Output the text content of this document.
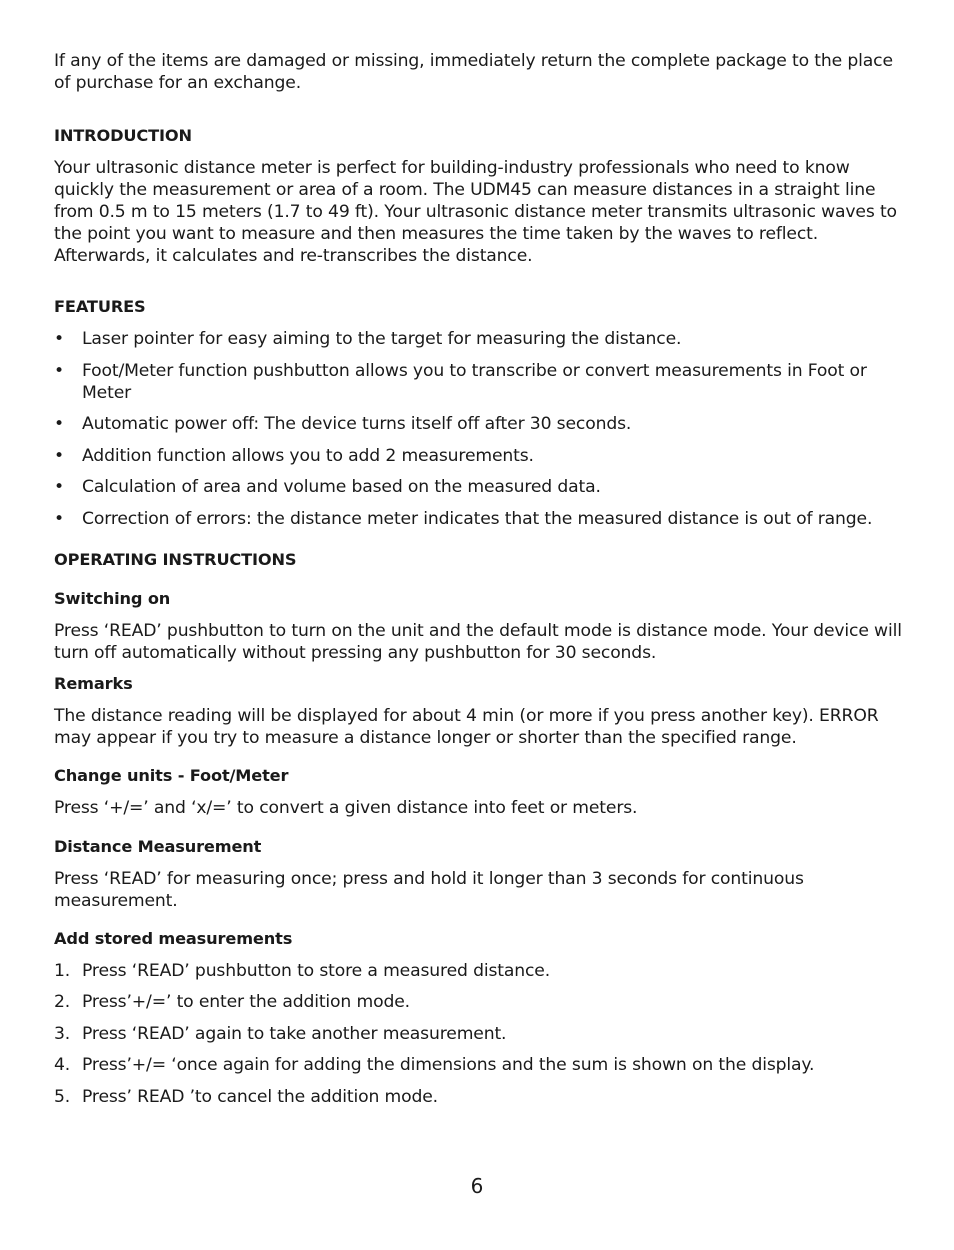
If any of the items are damaged or missing, immediately return the complete package to the place of purchase for an exchange.

INTRODUCTION

Your ultrasonic distance meter is perfect for building-industry professionals who need to know quickly the measurement or area of a room. The UDM45 can measure distances in a straight line from 0.5 m to 15 meters (1.7 to 49 ft). Your ultrasonic distance meter transmits ultrasonic waves to the point you want to measure and then measures the time taken by the waves to reflect. Afterwards, it calculates and re-transcribes the distance.

FEATURES

•	Laser pointer for easy aiming to the target for measuring the distance.
•	Foot/Meter function pushbutton allows you to transcribe or convert measurements in Foot or Meter
•	Automatic power off: The device turns itself off after 30 seconds.
•	Addition function allows you to add 2 measurements.
•	Calculation of area and volume based on the measured data.
•	Correction of errors: the distance meter indicates that the measured distance is out of range.

OPERATING INSTRUCTIONS

Switching on

Press ‘READ’ pushbutton to turn on the unit and the default mode is distance mode. Your device will turn off automatically without pressing any pushbutton for 30 seconds.

Remarks

The distance reading will be displayed for about 4 min (or more if you press another key). ERROR may appear if you try to measure a distance longer or shorter than the specified range.

Change units - Foot/Meter

Press ‘+/=’ and ‘x/=’ to convert a given distance into feet or meters.

Distance Measurement

Press ‘READ’ for measuring once; press and hold it longer than 3 seconds for continuous measurement.

Add stored measurements

1. Press ‘READ’ pushbutton to store a measured distance.
2. Press’+/=’ to enter the addition mode.
3. Press ‘READ’ again to take another measurement.
4. Press’+/= ‘once again for adding the dimensions and the sum is shown on the display.
5. Press’ READ ’to cancel the addition mode.
6
